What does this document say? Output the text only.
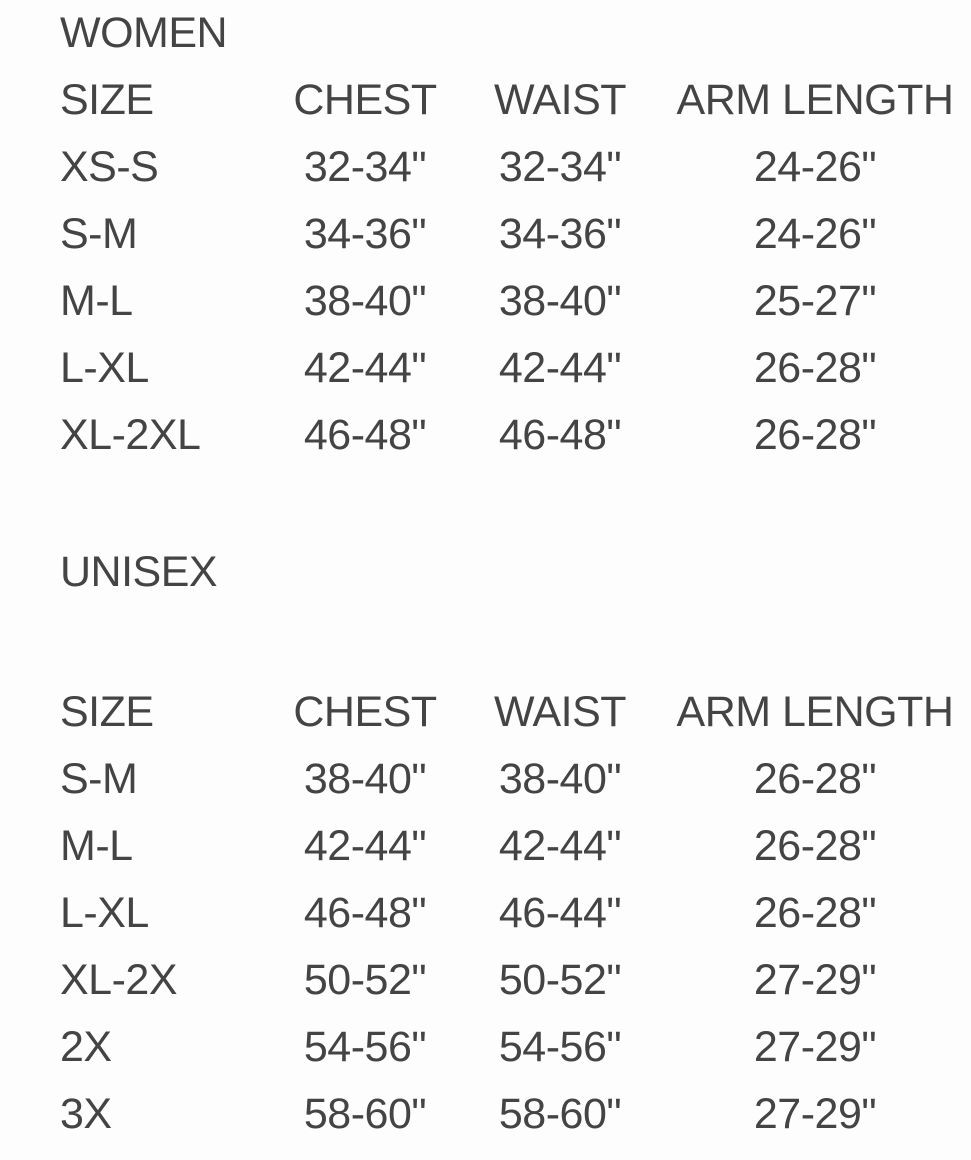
WOMEN
SIZE	CHEST	WAIST	ARM LENGTH
XS-S	32-34"	32-34"	24-26"
S-M	34-36"	34-36"	24-26"
M-L	38-40"	38-40"	25-27"
L-XL	42-44"	42-44"	26-28"
XL-2XL	46-48"	46-48"	26-28"
UNISEX
SIZE	CHEST	WAIST	ARM LENGTH
S-M	38-40"	38-40"	26-28"
M-L	42-44"	42-44"	26-28"
L-XL	46-48"	46-44"	26-28"
XL-2X	50-52"	50-52"	27-29"
2X	54-56"	54-56"	27-29"
3X	58-60"	58-60"	27-29"
